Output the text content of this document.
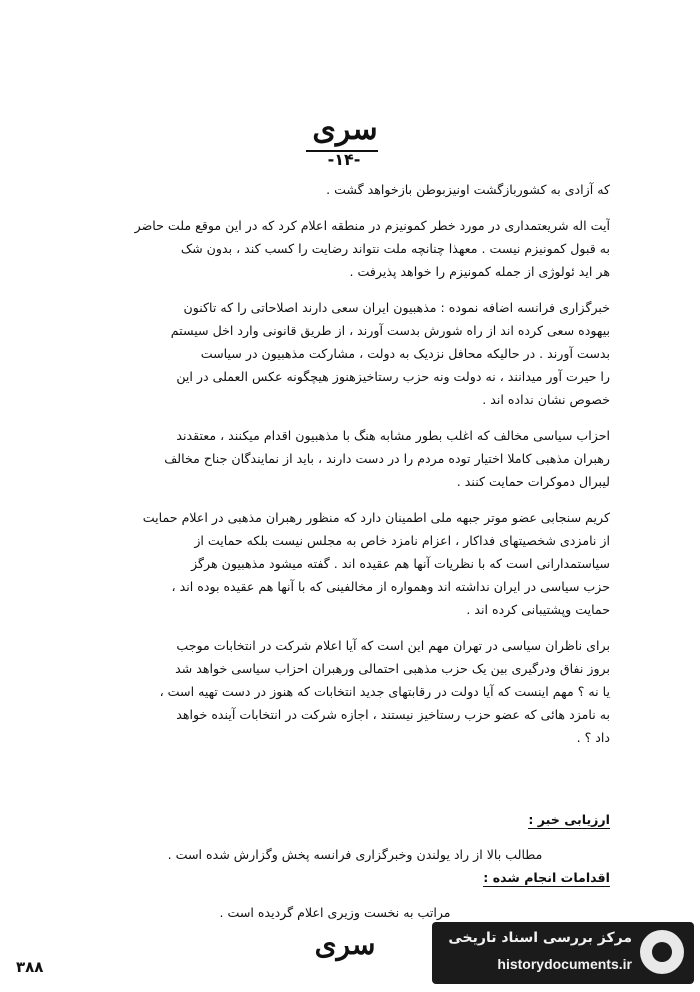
سری
-۱۴-

که آزادی به کشوربازگشت اونیزبوطن بازخواهد گشت .

آیت اله شریعتمداری در مورد خطر کمونیزم در منطقه اعلام کرد که در این موقع ملت حاضر
به قبول کمونیزم نیست . معهذا چنانچه ملت نتواند رضایت را کسب کند ، بدون شک
هر اید ئولوژی از جمله کمونیزم را خواهد پذیرفت .

خبرگزاری فرانسه اضافه نموده : مذهبیون ایران سعی دارند اصلاحاتی را که تاکنون
بیهوده سعی کرده اند از راه شورش بدست آورند ، از طریق قانونی وارد اخل سیستم
بدست آورند . در حالیکه محافل نزدیک به دولت ، مشارکت مذهبیون در سیاست
را حیرت آور میدانند ، نه دولت ونه حزب رستاخیزهنوز هیچگونه عکس العملی در این
خصوص نشان نداده اند .

احزاب سیاسی مخالف که اغلب بطور مشابه هنگ با مذهبیون اقدام میکنند ، معتقدند
رهبران مذهبی کاملا اختیار توده مردم را در دست دارند ، باید از نمایندگان جناح مخالف
لیبرال دموکرات حمایت کنند .

کریم سنجابی عضو موتر جبهه ملی اطمینان دارد که منظور رهبران مذهبی در اعلام حمایت
از نامزدی شخصیتهای فداکار ، اعزام نامزد خاص به مجلس نیست بلکه حمایت از
سیاستمدارانی است که با نظریات آنها هم عقیده اند . گفته میشود مذهبیون هرگز
حزب سیاسی در ایران نداشته اند وهمواره از مخالفینی که با آنها هم عقیده بوده اند ،
حمایت وپشتیبانی کرده اند .

برای ناظران سیاسی در تهران مهم این است که آیا اعلام شرکت در انتخابات موجب
بروز نفاق ودرگیری بین یک حزب مذهبی احتمالی ورهبران احزاب سیاسی خواهد شد
یا نه ؟ مهم اینست که آیا دولت در رقابتهای جدید انتخابات که هنوز در دست تهیه است ،
به نامزد هائی که عضو حزب رستاخیز نیستند ، اجازه شرکت در انتخابات آینده خواهد
داد ؟ .

ارزیابی خبر :
مطالب بالا از راد یولندن وخبرگزاری فرانسه پخش وگزارش شده است .
اقدامات انجام شده :
مراتب به نخست وزیری اعلام گردیده است .
سری
۳۸۸
مرکز بررسی اسناد تاریخی
historydocuments.ir
